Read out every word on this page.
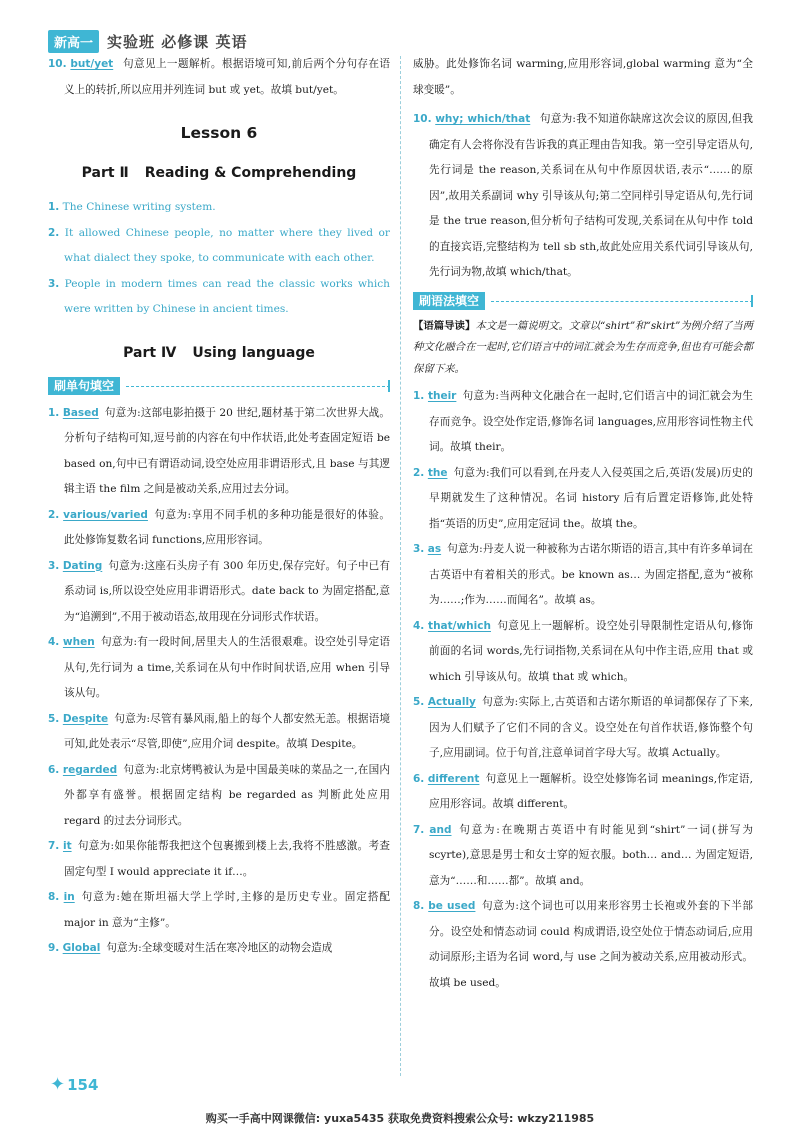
新高一 实验班 必修课 英语
10. but/yet 句意见上一题解析。根据语境可知,前后两个分句存在语义上的转折,所以应用并列连词 but 或 yet。故填 but/yet。
Lesson 6
Part Ⅱ Reading & Comprehending
1. The Chinese writing system.
2. It allowed Chinese people, no matter where they lived or what dialect they spoke, to communicate with each other.
3. People in modern times can read the classic works which were written by Chinese in ancient times.
Part Ⅳ Using language
刷单句填空
1. Based 句意为:这部电影拍摄于 20 世纪,题材基于第二次世界大战。分析句子结构可知,逗号前的内容在句中作状语,此处考查固定短语 be based on,句中已有谓语动词,设空处应用非谓语形式,且 base 与其逻辑主语 the film 之间是被动关系,应用过去分词。
2. various/varied 句意为:享用不同手机的多种功能是很好的体验。此处修饰复数名词 functions,应用形容词。
3. Dating 句意为:这座石头房子有 300 年历史,保存完好。句子中已有系动词 is,所以设空处应用非谓语形式。date back to 为固定搭配,意为“追溯到”,不用于被动语态,故用现在分词形式作状语。
4. when 句意为:有一段时间,居里夫人的生活很艰难。设空处引导定语从句,先行词为 a time,关系词在从句中作时间状语,应用 when 引导该从句。
5. Despite 句意为:尽管有暴风雨,船上的每个人都安然无恙。根据语境可知,此处表示“尽管,即使”,应用介词 despite。故填 Despite。
6. regarded 句意为:北京烤鸭被认为是中国最美味的菜品之一,在国内外都享有盛誉。根据固定结构 be regarded as 判断此处应用 regard 的过去分词形式。
7. it 句意为:如果你能帮我把这个包裹搬到楼上去,我将不胜感激。考查固定句型 I would appreciate it if…。
8. in 句意为:她在斯坦福大学上学时,主修的是历史专业。固定搭配 major in 意为“主修”。
9. Global 句意为:全球变暖对生活在寒冷地区的动物会造成
威胁。此处修饰名词 warming,应用形容词,global warming 意为“全球变暖”。
10. why; which/that 句意为:我不知道你缺席这次会议的原因,但我确定有人会将你没有告诉我的真正理由告知我。第一空引导定语从句,先行词是 the reason,关系词在从句中作原因状语,表示“……的原因”,故用关系副词 why 引导该从句;第二空同样引导定语从句,先行词是 the true reason,但分析句子结构可发现,关系词在从句中作 told 的直接宾语,完整结构为 tell sb sth,故此处应用关系代词引导该从句,先行词为物,故填 which/that。
刷语法填空
【语篇导读】本文是一篇说明文。文章以“shirt”和“skirt”为例介绍了当两种文化融合在一起时,它们语言中的词汇就会为生存而竞争,但也有可能会都保留下来。
1. their 句意为:当两种文化融合在一起时,它们语言中的词汇就会为生存而竞争。设空处作定语,修饰名词 languages,应用形容词性物主代词。故填 their。
2. the 句意为:我们可以看到,在丹麦人入侵英国之后,英语(发展)历史的早期就发生了这种情况。名词 history 后有后置定语修饰,此处特指“英语的历史”,应用定冠词 the。故填 the。
3. as 句意为:丹麦人说一种被称为古诺尔斯语的语言,其中有许多单词在古英语中有着相关的形式。be known as… 为固定搭配,意为“被称为……;作为……而闻名”。故填 as。
4. that/which 句意见上一题解析。设空处引导限制性定语从句,修饰前面的名词 words,先行词指物,关系词在从句中作主语,应用 that 或 which 引导该从句。故填 that 或 which。
5. Actually 句意为:实际上,古英语和古诺尔斯语的单词都保存了下来,因为人们赋予了它们不同的含义。设空处在句首作状语,修饰整个句子,应用副词。位于句首,注意单词首字母大写。故填 Actually。
6. different 句意见上一题解析。设空处修饰名词 meanings,作定语,应用形容词。故填 different。
7. and 句意为:在晚期古英语中有时能见到“shirt”一词(拼写为 scyrte),意思是男士和女士穿的短衣服。both… and… 为固定短语,意为“……和……都”。故填 and。
8. be used 句意为:这个词也可以用来形容男士长袍或外套的下半部分。设空处和情态动词 could 构成谓语,设空处位于情态动词后,应用动词原形;主语为名词 word,与 use 之间为被动关系,应用被动形式。故填 be used。
✦ 154
购买一手高中网课微信: yuxa5435 获取免费资料搜索公众号: wkzy211985
